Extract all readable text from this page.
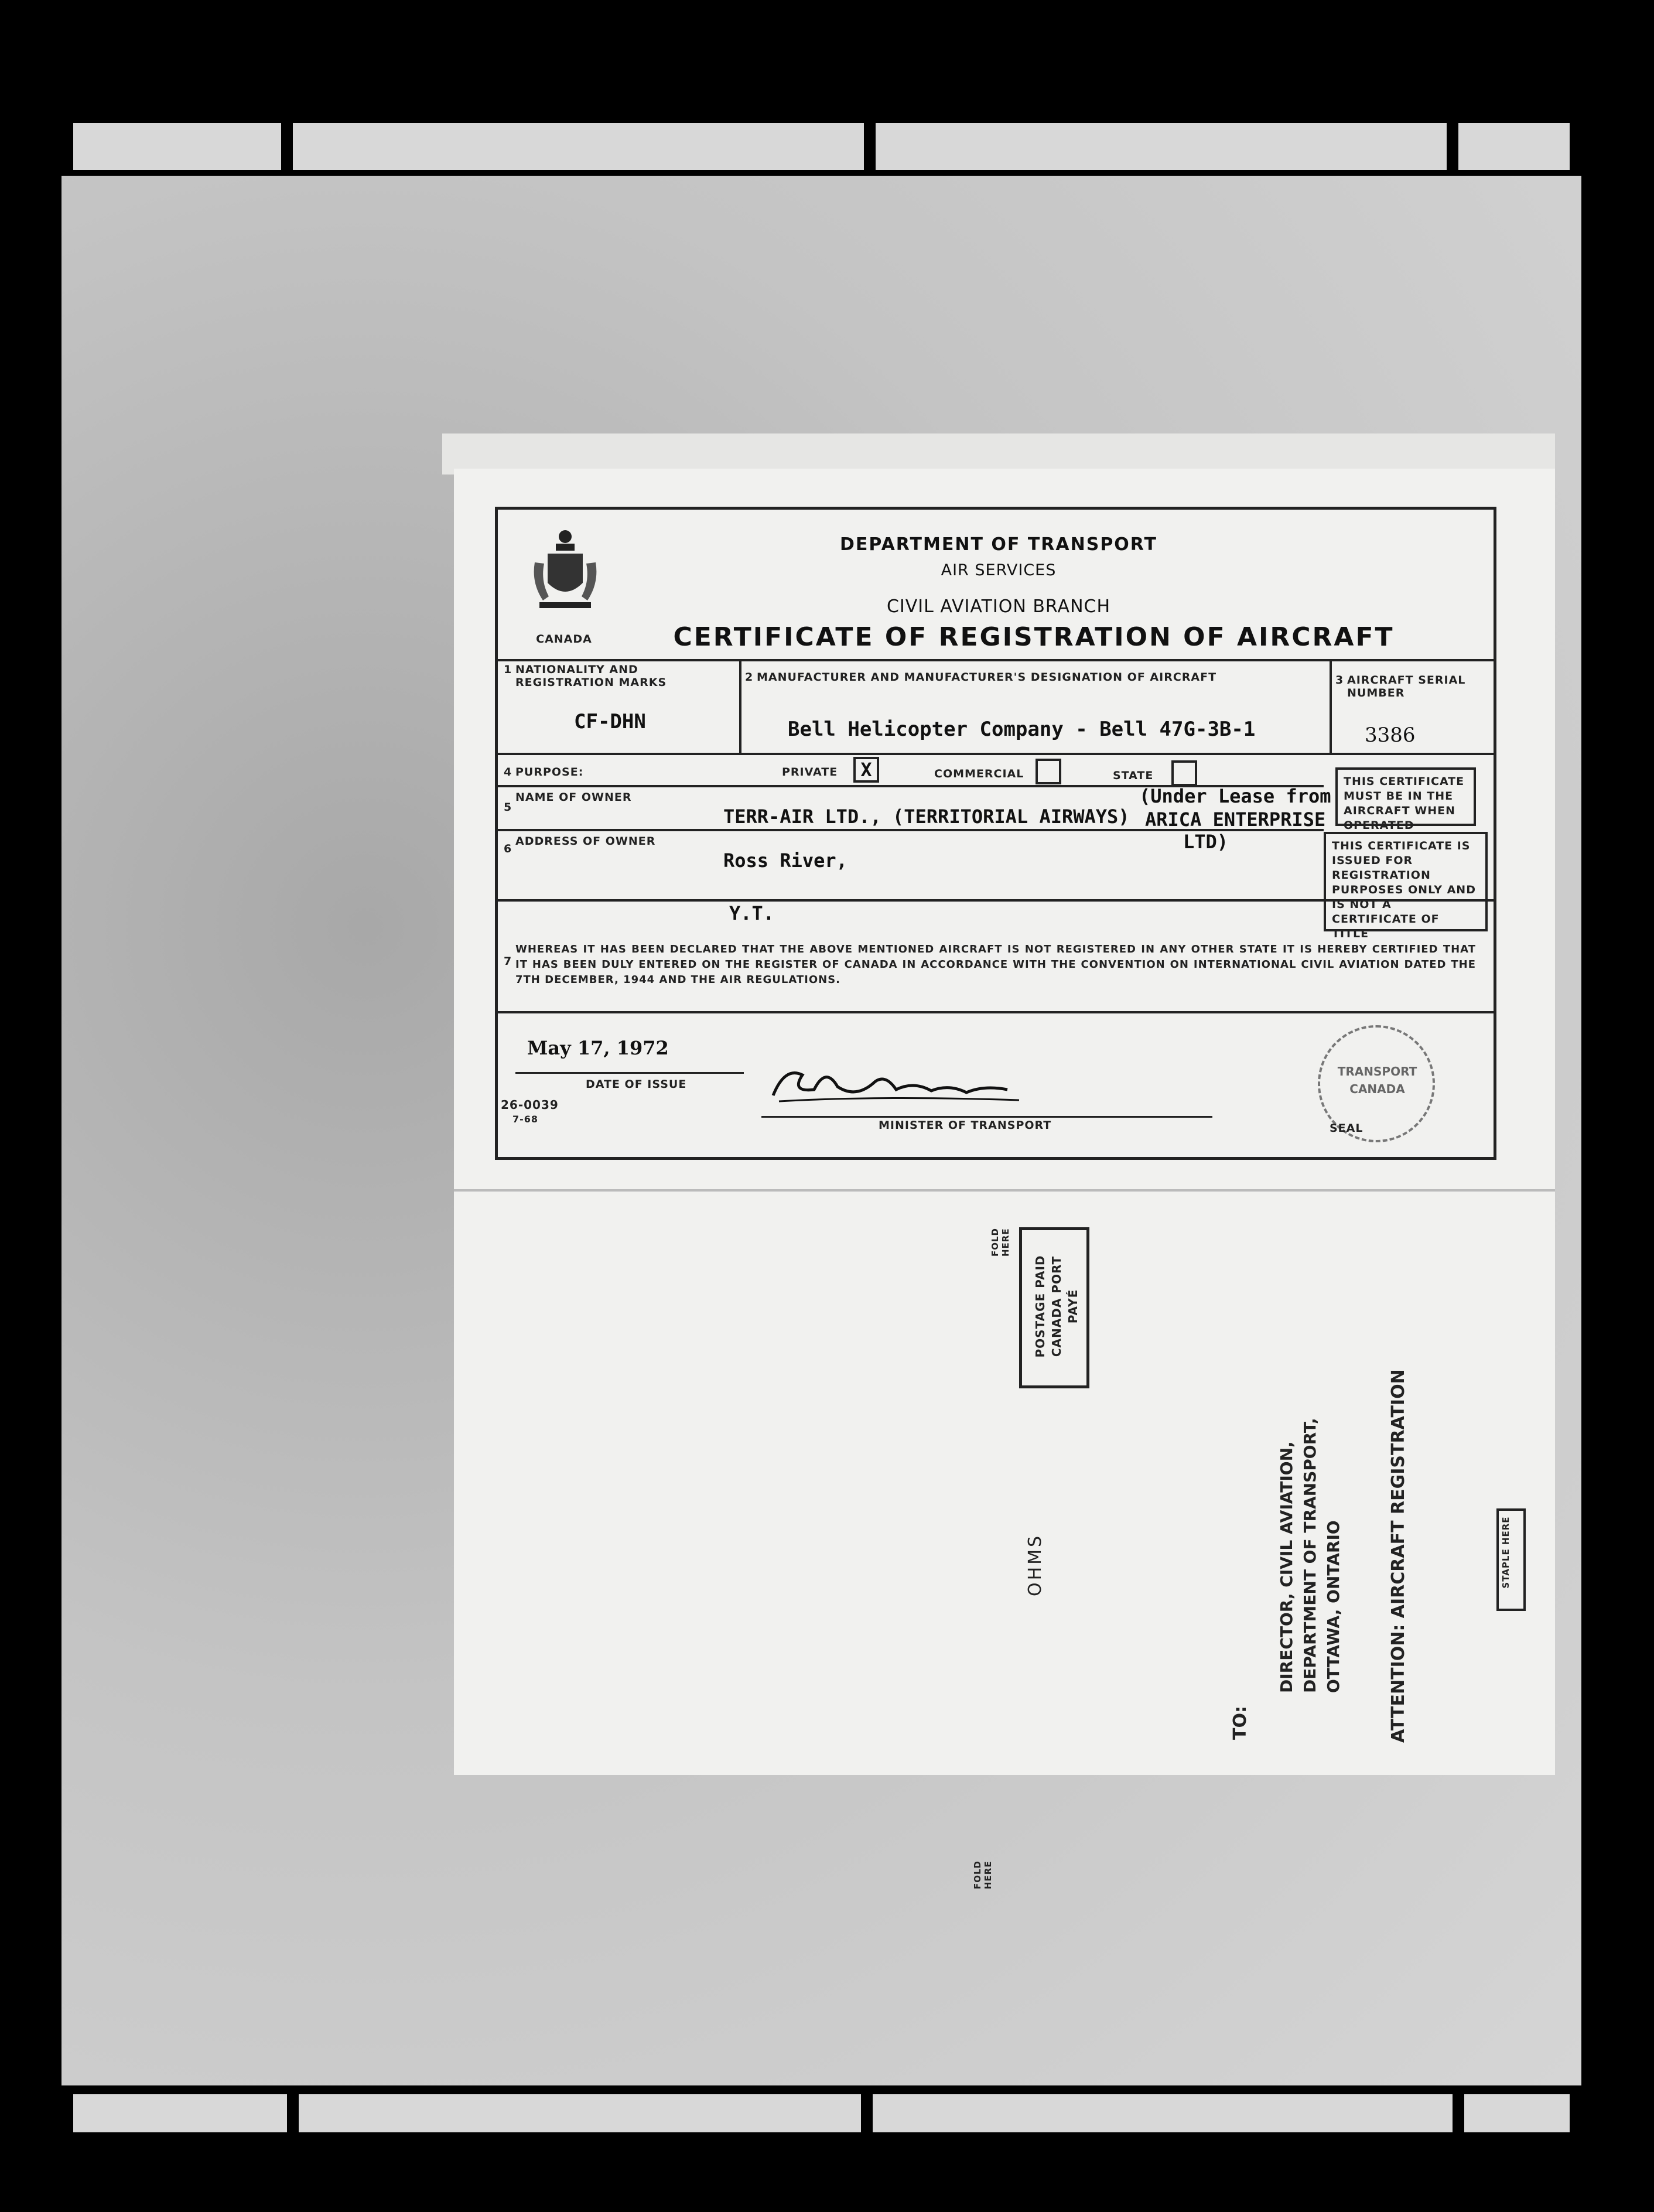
CANADA
DEPARTMENT OF TRANSPORT
AIR SERVICES
CIVIL AVIATION BRANCH
CERTIFICATE OF REGISTRATION OF AIRCRAFT
1 NATIONALITY AND REGISTRATION MARKS
CF-DHN
2 MANUFACTURER AND MANUFACTURER'S DESIGNATION OF AIRCRAFT
Bell Helicopter Company - Bell 47G-3B-1
3 AIRCRAFT SERIAL NUMBER
3386
4 PURPOSE:	PRIVATE X	COMMERCIAL	STATE
5
NAME OF OWNER
TERR-AIR LTD., (TERRITORIAL AIRWAYS)
(Under Lease from
ARICA ENTERPRISE
LTD)
6
ADDRESS OF OWNER
Ross River,
Y.T.
THIS CERTIFICATE MUST BE IN THE AIRCRAFT WHEN OPERATED
THIS CERTIFICATE IS ISSUED FOR REGISTRATION PURPOSES ONLY AND IS NOT A CERTIFICATE OF TITLE
7
WHEREAS IT HAS BEEN DECLARED THAT THE ABOVE MENTIONED AIRCRAFT IS NOT REGISTERED IN ANY OTHER STATE IT IS HEREBY CERTIFIED THAT IT HAS BEEN DULY ENTERED ON THE REGISTER OF CANADA IN ACCORDANCE WITH THE CONVENTION ON INTERNATIONAL CIVIL AVIATION DATED THE 7TH DECEMBER, 1944 AND THE AIR REGULATIONS.
May 17, 1972
DATE OF ISSUE
26-0039
7-68	MINISTER OF TRANSPORT
TRANSPORT CANADA
SEAL
FOLD HERE
POSTAGE PAID CANADA PORT PAYÉ
OHMS
TO:
DIRECTOR, CIVIL AVIATION, DEPARTMENT OF TRANSPORT, OTTAWA, ONTARIO	ATTENTION: AIRCRAFT REGISTRATION	STAPLE HERE
FOLD HERE
